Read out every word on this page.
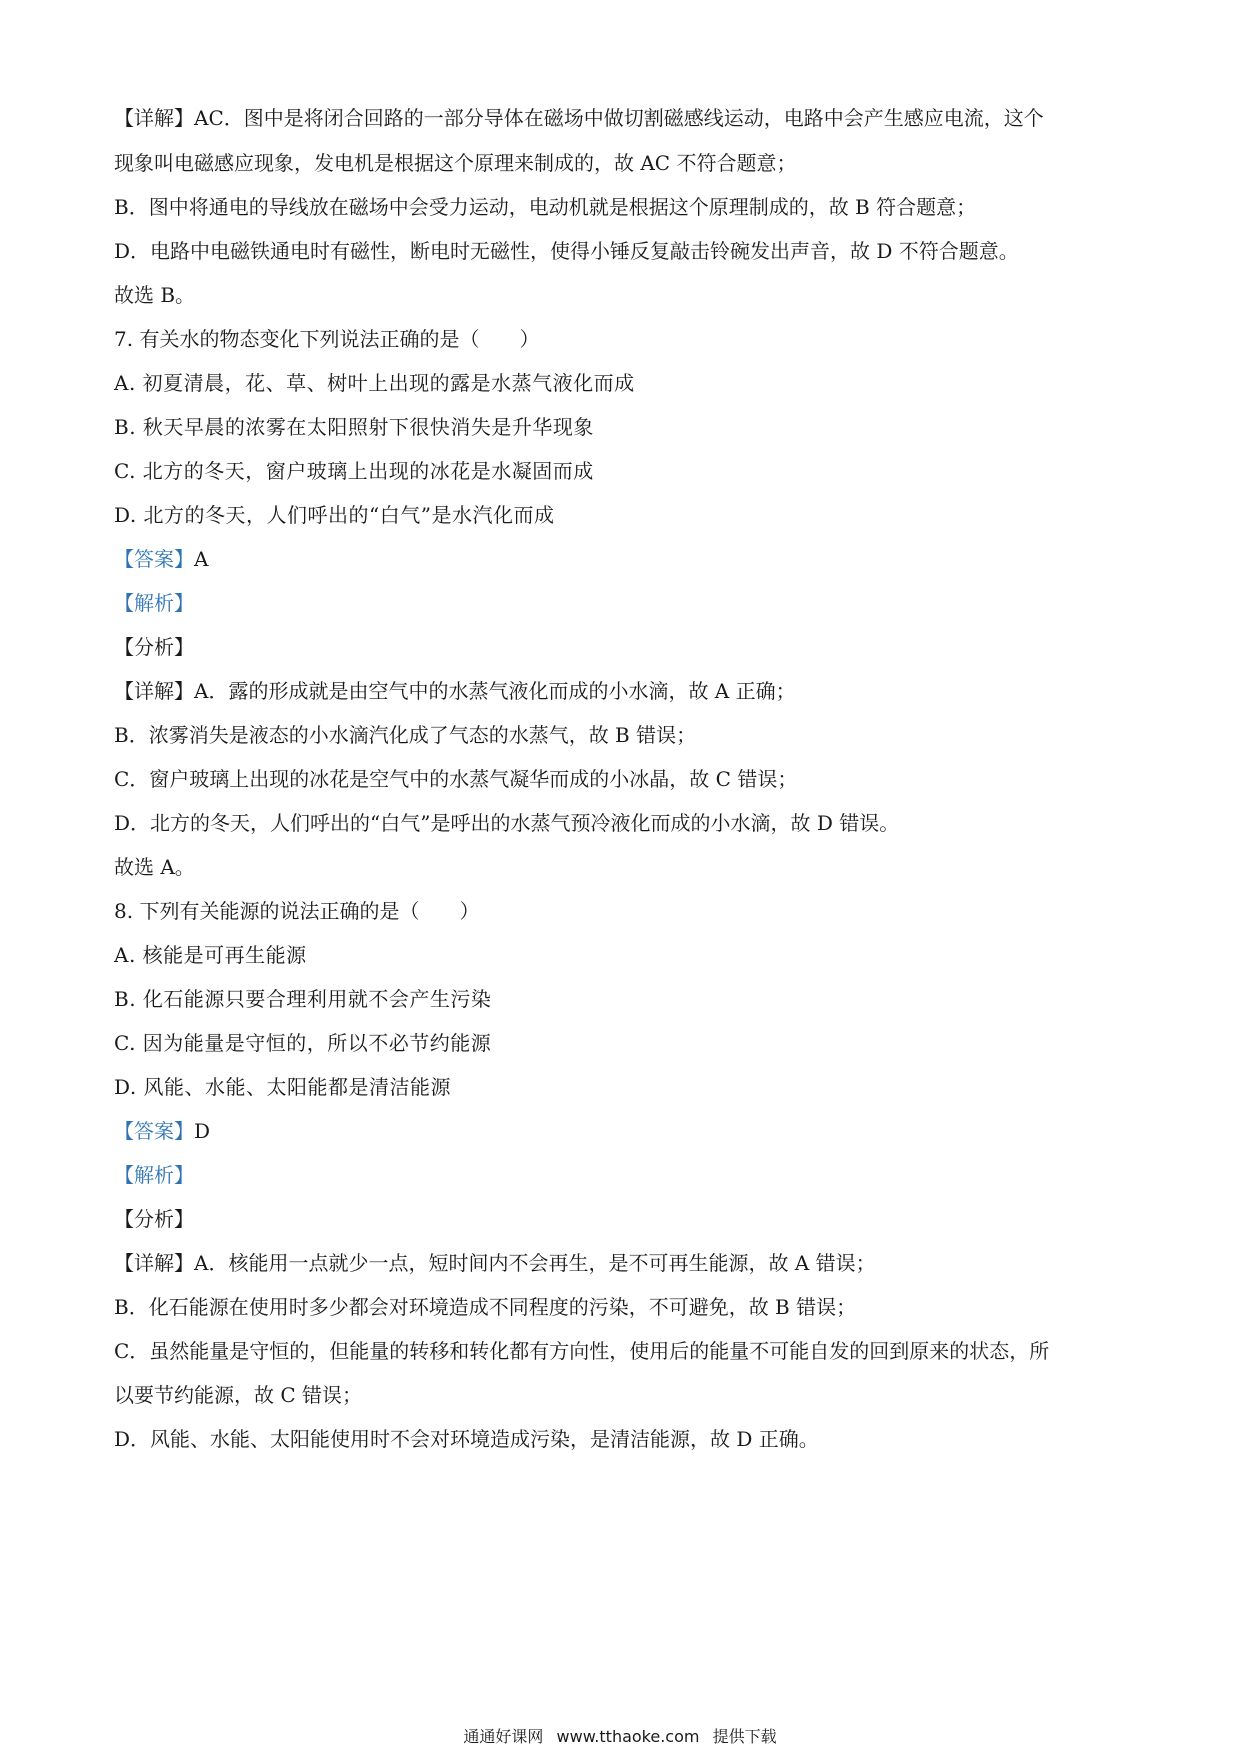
【详解】AC．图中是将闭合回路的一部分导体在磁场中做切割磁感线运动，电路中会产生感应电流，这个
现象叫电磁感应现象，发电机是根据这个原理来制成的，故 AC 不符合题意；
B．图中将通电的导线放在磁场中会受力运动，电动机就是根据这个原理制成的，故 B 符合题意；
D．电路中电磁铁通电时有磁性，断电时无磁性，使得小锤反复敲击铃碗发出声音，故 D 不符合题意。
故选 B。
7. 有关水的物态变化下列说法正确的是（　　）
A. 初夏清晨，花、草、树叶上出现的露是水蒸气液化而成
B. 秋天早晨的浓雾在太阳照射下很快消失是升华现象
C. 北方的冬天，窗户玻璃上出现的冰花是水凝固而成
D. 北方的冬天，人们呼出的“白气”是水汽化而成
【答案】A
【解析】
【分析】
【详解】A．露的形成就是由空气中的水蒸气液化而成的小水滴，故 A 正确；
B．浓雾消失是液态的小水滴汽化成了气态的水蒸气，故 B 错误；
C．窗户玻璃上出现的冰花是空气中的水蒸气凝华而成的小冰晶，故 C 错误；
D．北方的冬天，人们呼出的“白气”是呼出的水蒸气预冷液化而成的小水滴，故 D 错误。
故选 A。
8. 下列有关能源的说法正确的是（　　）
A. 核能是可再生能源
B. 化石能源只要合理利用就不会产生污染
C. 因为能量是守恒的，所以不必节约能源
D. 风能、水能、太阳能都是清洁能源
【答案】D
【解析】
【分析】
【详解】A．核能用一点就少一点，短时间内不会再生，是不可再生能源，故 A 错误；
B．化石能源在使用时多少都会对环境造成不同程度的污染，不可避免，故 B 错误；
C．虽然能量是守恒的，但能量的转移和转化都有方向性，使用后的能量不可能自发的回到原来的状态，所
以要节约能源，故 C 错误；
D．风能、水能、太阳能使用时不会对环境造成污染，是清洁能源，故 D 正确。
通通好课网 www.tthaoke.com 提供下载
